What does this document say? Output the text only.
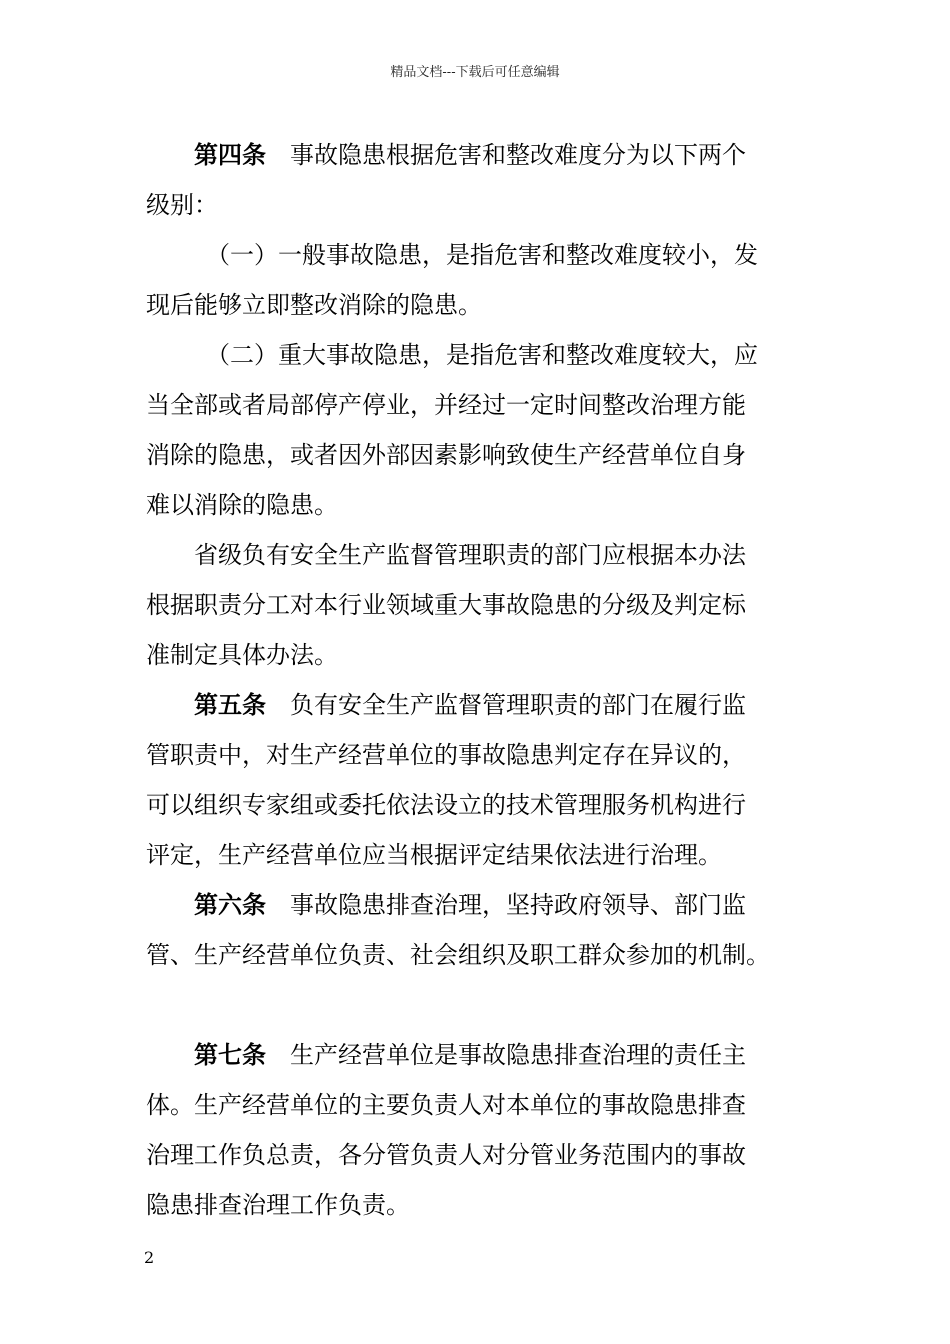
精品文档---下载后可任意编辑
第四条　事故隐患根据危害和整改难度分为以下两个
级别：
（一）一般事故隐患，是指危害和整改难度较小，发
现后能够立即整改消除的隐患。
（二）重大事故隐患，是指危害和整改难度较大，应
当全部或者局部停产停业，并经过一定时间整改治理方能
消除的隐患，或者因外部因素影响致使生产经营单位自身
难以消除的隐患。
省级负有安全生产监督管理职责的部门应根据本办法
根据职责分工对本行业领域重大事故隐患的分级及判定标
准制定具体办法。
第五条　负有安全生产监督管理职责的部门在履行监
管职责中，对生产经营单位的事故隐患判定存在异议的，
可以组织专家组或委托依法设立的技术管理服务机构进行
评定，生产经营单位应当根据评定结果依法进行治理。
第六条　事故隐患排查治理，坚持政府领导、部门监
管、生产经营单位负责、社会组织及职工群众参加的机制。
第七条　生产经营单位是事故隐患排查治理的责任主
体。生产经营单位的主要负责人对本单位的事故隐患排查
治理工作负总责，各分管负责人对分管业务范围内的事故
隐患排查治理工作负责。
2
